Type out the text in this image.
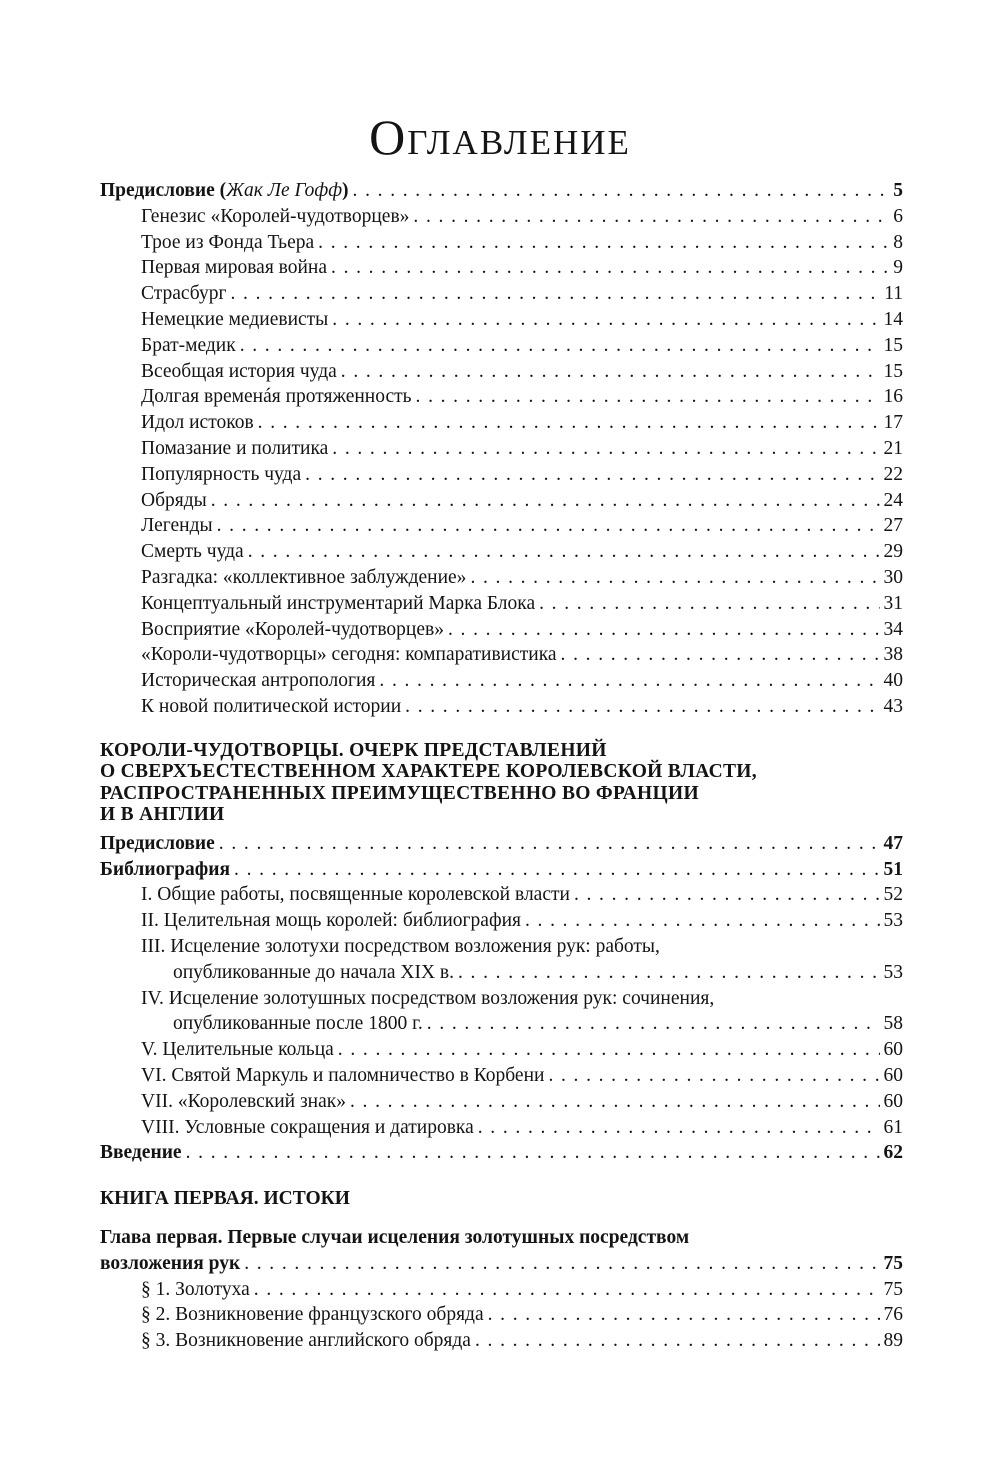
Оглавление
Предисловие (Жак Ле Гофф) . . .	5
Генезис «Королей-чудотворцев» . . .	6
Трое из Фонда Тьера . . .	8
Первая мировая война . . .	9
Страсбург . . .	11
Немецкие медиевисты . . .	14
Брат-медик . . .	15
Всеобщая история чуда . . .	15
Долгая временáя протяженность . . .	16
Идол истоков . . .	17
Помазание и политика . . .	21
Популярность чуда . . .	22
Обряды . . .	24
Легенды . . .	27
Смерть чуда . . .	29
Разгадка: «коллективное заблуждение» . . .	30
Концептуальный инструментарий Марка Блока . . .	31
Восприятие «Королей-чудотворцев» . . .	34
«Короли-чудотворцы» сегодня: компаративистика . . .	38
Историческая антропология . . .	40
К новой политической истории . . .	43
КОРОЛИ-ЧУДОТВОРЦЫ. ОЧЕРК ПРЕДСТАВЛЕНИЙ
О СВЕРХЪЕСТЕСТВЕННОМ ХАРАКТЕРЕ КОРОЛЕВСКОЙ ВЛАСТИ,
РАСПРОСТРАНЕННЫХ ПРЕИМУЩЕСТВЕННО ВО ФРАНЦИИ
И В АНГЛИИ
Предисловие . . .	47
Библиография . . .	51
I. Общие работы, посвященные королевской власти . . .	52
II. Целительная мощь королей: библиография . . .	53
III. Исцеление золотухи посредством возложения рук: работы,
опубликованные до начала XIX в. . . .	53
IV. Исцеление золотушных посредством возложения рук: сочинения,
опубликованные после 1800 г. . . .	58
V. Целительные кольца . . .	60
VI. Святой Маркуль и паломничество в Корбени . . .	60
VII. «Королевский знак» . . .	60
VIII. Условные сокращения и датировка . . .	61
Введение . . .	62
КНИГА ПЕРВАЯ. ИСТОКИ
Глава первая. Первые случаи исцеления золотушных посредством
возложения рук . . .	75
§ 1. Золотуха . . .	75
§ 2. Возникновение французского обряда . . .	76
§ 3. Возникновение английского обряда . . .	89
